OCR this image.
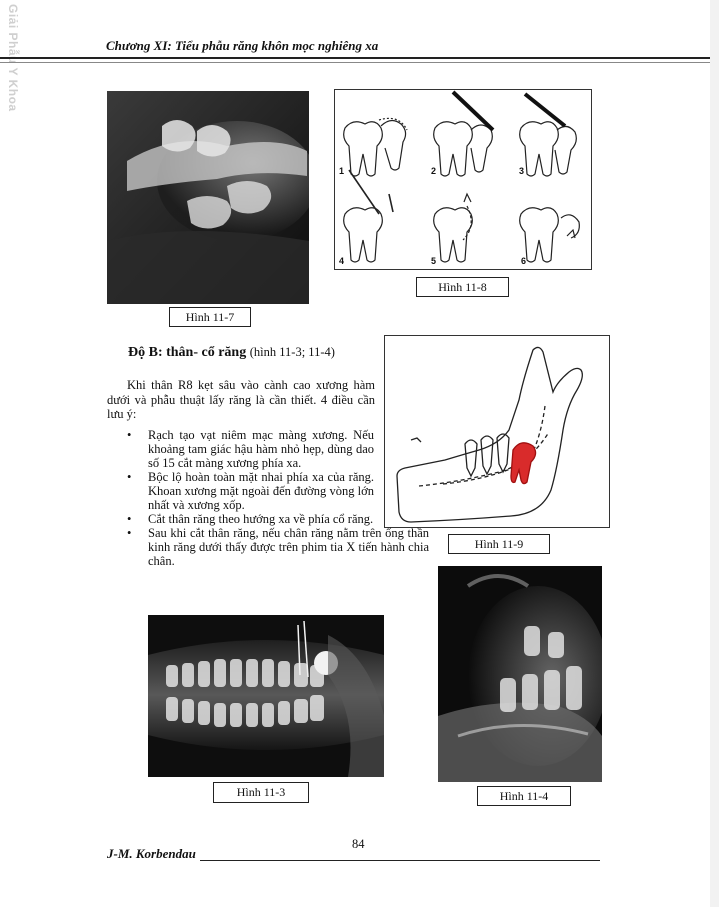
Chương XI: Tiểu phẫu răng khôn mọc nghiêng xa
Hình 11-7
1	2	3
4	5	6
Hình 11-8
Độ B: thân- cổ răng (hình 11-3; 11-4)
Hình 11-9
Khi thân R8 kẹt sâu vào cành cao xương hàm dưới và phẫu thuật lấy răng là cần thiết. 4 điều cần lưu ý:
• Rạch tạo vạt niêm mạc màng xương. Nếu khoảng tam giác hậu hàm nhỏ hẹp, dùng dao số 15 cắt màng xương phía xa.
• Bộc lộ hoàn toàn mặt nhai phía xa của răng. Khoan xương mặt ngoài đến đường vòng lớn nhất và xương xốp.
• Cắt thân răng theo hướng xa về phía cổ răng.
• Sau khi cắt thân răng, nếu chân răng nằm trên ống thần kinh răng dưới thấy được trên phim tia X tiến hành chia chân.
Hình 11-3	Hình 11-4
84
J-M. Korbendau
